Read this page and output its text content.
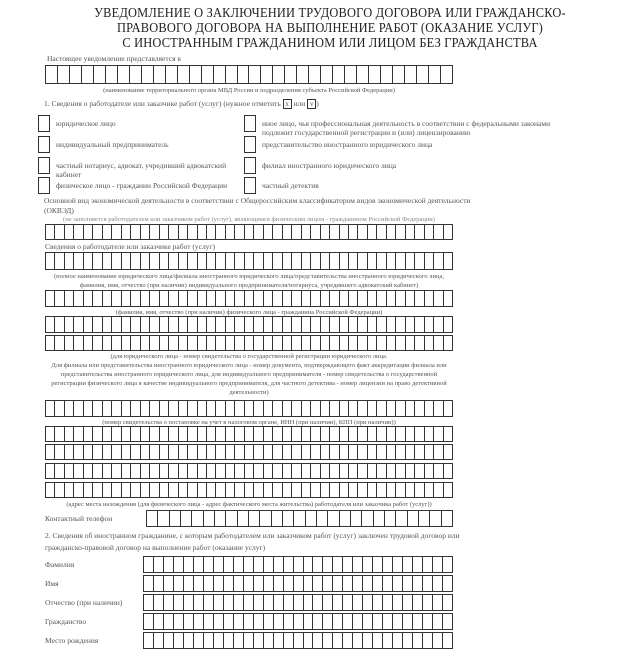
УВЕДОМЛЕНИЕ О ЗАКЛЮЧЕНИИ ТРУДОВОГО ДОГОВОРА ИЛИ ГРАЖДАНСКО-
ПРАВОВОГО ДОГОВОРА НА ВЫПОЛНЕНИЕ РАБОТ (ОКАЗАНИЕ УСЛУГ)
С ИНОСТРАННЫМ ГРАЖДАНИНОМ ИЛИ ЛИЦОМ БЕЗ ГРАЖДАНСТВА
Настоящее уведомление представляется в
(наименование территориального органа МВД России и подразделения субъекта Российской Федерации)
1. Сведения о работодателе или заказчике работ (услуг) (нужное отметить х или v )
юридическое лицо
индивидуальный предприниматель
частный нотариус, адвокат, учредивший адвокатский кабинет
физическое лицо - гражданин Российской Федерации
иное лицо, чья профессиональная деятельность в соответствии с федеральными законами подлежит государственной регистрации и (или) лицензированию
представительство иностранного юридического лица
филиал иностранного юридического лица
частный детектив
Основной вид экономической деятельности в соответствии с Общероссийским классификатором видов экономической деятельности
(ОКВЭД)
(не заполняется работодателем или заказчиком работ (услуг), являющимся физическим лицом - гражданином Российской Федерации)
Сведения о работодателе или заказчике работ (услуг)
(полное наименование юридического лица/филиала иностранного юридического лица/представительства иностранного юридического лица,
фамилия, имя, отчество (при наличии) индивидуального предпринимателя/нотариуса, учредившего адвокатский кабинет)
(фамилия, имя, отчество (при наличии) физического лица - гражданина Российской Федерации)
(для юридического лица - номер свидетельства о государственной регистрации юридического лица.
Для филиала или представительства иностранного юридического лица - номер документа, подтверждающего факт аккредитации филиала или
представительства иностранного юридического лица, для индивидуального предпринимателя - номер свидетельства о государственной
регистрации физического лица в качестве индивидуального предпринимателя, для частного детектива - номер лицензии на право детективной
деятельности)
(номер свидетельства о постановке на учет в налоговом органе, ИНН (при наличии), КПП (при наличии))
(адрес места нахождения (для физического лица - адрес фактического места жительства) работодателя или заказчика работ (услуг))
Контактный телефон
2. Сведения об иностранном гражданине, с которым работодателем или заказчиком работ (услуг) заключен трудовой договор или
гражданско-правовой договор на выполнение работ (оказание услуг)
Фамилия
Имя
Отчество (при наличии)
Гражданство
Место рождения
